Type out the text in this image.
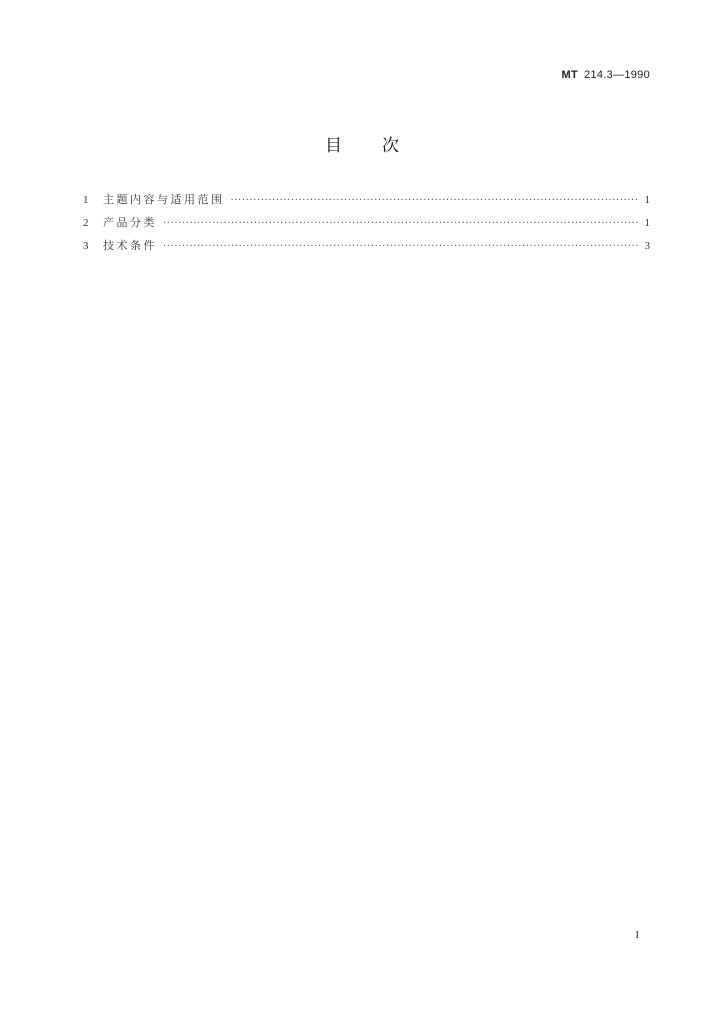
MT 214.3—1990
目 次
1	主题内容与适用范围 ·····	1
2	产品分类 ·····	1
3	技术条件 ·····	3
I
